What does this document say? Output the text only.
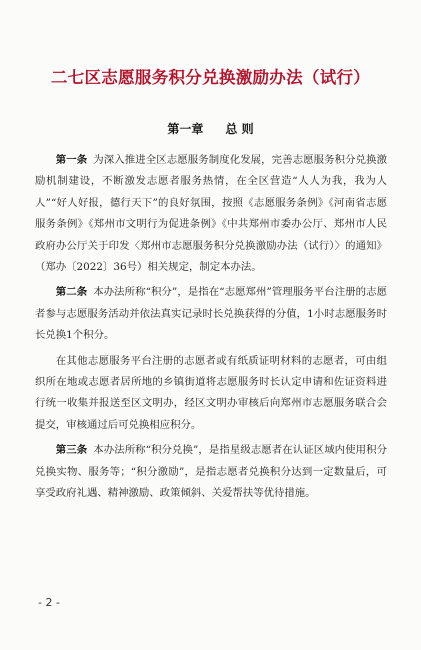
二七区志愿服务积分兑换激励办法（试行）
第一章 总 则

第一条 为深入推进全区志愿服务制度化发展，完善志愿服务积分兑换激励机制建设，不断激发志愿者服务热情，在全区营造“人人为我，我为人人”“好人好报，德行天下”的良好氛围，按照《志愿服务条例》《河南省志愿服务条例》《郑州市文明行为促进条例》《中共郑州市委办公厅、郑州市人民政府办公厅关于印发〈郑州市志愿服务积分兑换激励办法（试行）〉的通知》（郑办〔2022〕36号）相关规定，制定本办法。

第二条 本办法所称“积分”，是指在“志愿郑州”管理服务平台注册的志愿者参与志愿服务活动并依法真实记录时长兑换获得的分值，1小时志愿服务时长兑换1个积分。

在其他志愿服务平台注册的志愿者或有纸质证明材料的志愿者，可由组织所在地或志愿者居所地的乡镇街道将志愿服务时长认定申请和佐证资料进行统一收集并报送至区文明办，经区文明办审核后向郑州市志愿服务联合会提交，审核通过后可兑换相应积分。

第三条 本办法所称“积分兑换”，是指星级志愿者在认证区域内使用积分兑换实物、服务等；“积分激励”，是指志愿者兑换积分达到一定数量后，可享受政府礼遇、精神激励、政策倾斜、关爱帮扶等优待措施。

- 2 -
